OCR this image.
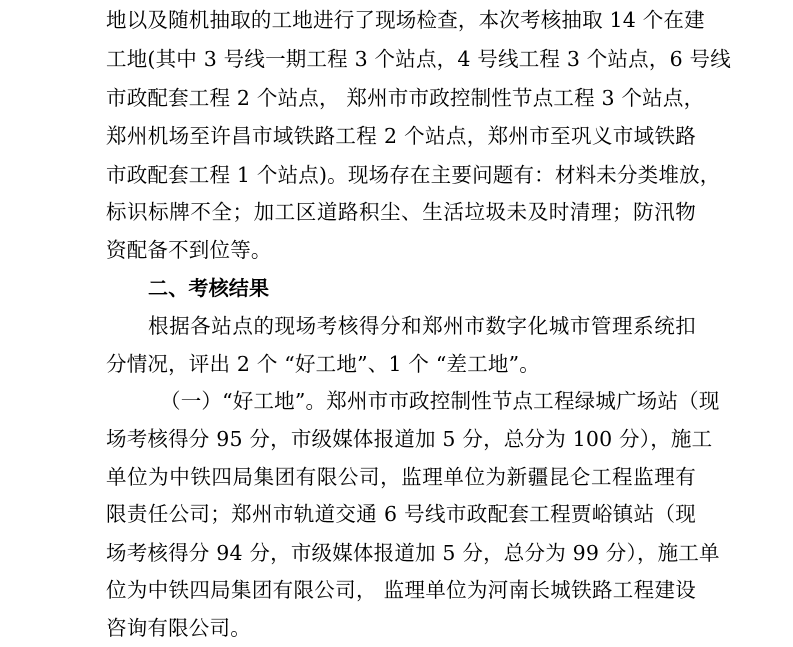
地以及随机抽取的工地进行了现场检查，本次考核抽取 14 个在建
工地(其中 3 号线一期工程 3 个站点，4 号线工程 3 个站点，6 号线
市政配套工程 2 个站点， 郑州市市政控制性节点工程 3 个站点，
郑州机场至许昌市域铁路工程 2 个站点，郑州市至巩义市域铁路
市政配套工程 1 个站点)。现场存在主要问题有：材料未分类堆放，
标识标牌不全；加工区道路积尘、生活垃圾未及时清理；防汛物
资配备不到位等。
二、考核结果
根据各站点的现场考核得分和郑州市数字化城市管理系统扣
分情况，评出 2 个 “好工地”、1 个 “差工地”。
（一）“好工地”。郑州市市政控制性节点工程绿城广场站（现
场考核得分 95 分，市级媒体报道加 5 分，总分为 100 分），施工
单位为中铁四局集团有限公司，监理单位为新疆昆仑工程监理有
限责任公司；郑州市轨道交通 6 号线市政配套工程贾峪镇站（现
场考核得分 94 分，市级媒体报道加 5 分，总分为 99 分），施工单
位为中铁四局集团有限公司， 监理单位为河南长城铁路工程建设
咨询有限公司。
